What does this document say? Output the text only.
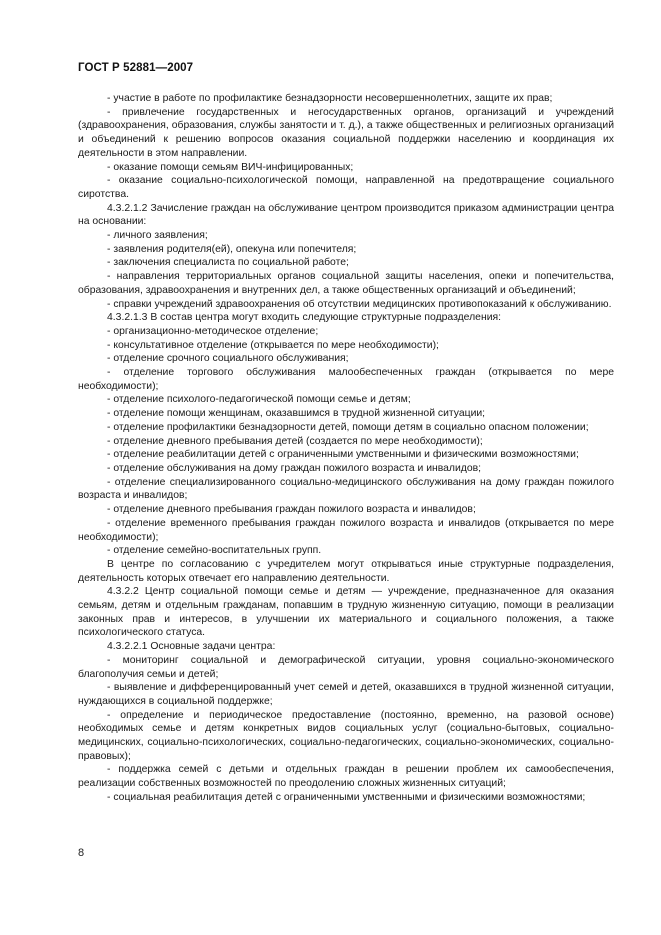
ГОСТ Р 52881—2007

- участие в работе по профилактике безнадзорности несовершеннолетних, защите их прав;

- привлечение государственных и негосударственных органов, организаций и учреждений (здравоохранения, образования, службы занятости и т. д.), а также общественных и религиозных организаций и объединений к решению вопросов оказания социальной поддержки населению и координация их деятельности в этом направлении.

- оказание помощи семьям ВИЧ-инфицированных;

- оказание социально-психологической помощи, направленной на предотвращение социального сиротства.

4.3.2.1.2 Зачисление граждан на обслуживание центром производится приказом администрации центра на основании:

- личного заявления;

- заявления родителя(ей), опекуна или попечителя;

- заключения специалиста по социальной работе;

- направления территориальных органов социальной защиты населения, опеки и попечительства, образования, здравоохранения и внутренних дел, а также общественных организаций и объединений;

- справки учреждений здравоохранения об отсутствии медицинских противопоказаний к обслуживанию.

4.3.2.1.3 В состав центра могут входить следующие структурные подразделения:

- организационно-методическое отделение;

- консультативное отделение (открывается по мере необходимости);

- отделение срочного социального обслуживания;

- отделение торгового обслуживания малообеспеченных граждан (открывается по мере необходимости);

- отделение психолого-педагогической помощи семье и детям;

- отделение помощи женщинам, оказавшимся в трудной жизненной ситуации;

- отделение профилактики безнадзорности детей, помощи детям в социально опасном положении;

- отделение дневного пребывания детей (создается по мере необходимости);

- отделение реабилитации детей с ограниченными умственными и физическими возможностями;

- отделение обслуживания на дому граждан пожилого возраста и инвалидов;

- отделение специализированного социально-медицинского обслуживания на дому граждан пожилого возраста и инвалидов;

- отделение дневного пребывания граждан пожилого возраста и инвалидов;

- отделение временного пребывания граждан пожилого возраста и инвалидов (открывается по мере необходимости);

- отделение семейно-воспитательных групп.

В центре по согласованию с учредителем могут открываться иные структурные подразделения, деятельность которых отвечает его направлению деятельности.

4.3.2.2 Центр социальной помощи семье и детям — учреждение, предназначенное для оказания семьям, детям и отдельным гражданам, попавшим в трудную жизненную ситуацию, помощи в реализации законных прав и интересов, в улучшении их материального и социального положения, а также психологического статуса.

4.3.2.2.1 Основные задачи центра:

- мониторинг социальной и демографической ситуации, уровня социально-экономического благополучия семьи и детей;

- выявление и дифференцированный учет семей и детей, оказавшихся в трудной жизненной ситуации, нуждающихся в социальной поддержке;

- определение и периодическое предоставление (постоянно, временно, на разовой основе) необходимых семье и детям конкретных видов социальных услуг (социально-бытовых, социально-медицинских, социально-психологических, социально-педагогических, социально-экономических, социально-правовых);

- поддержка семей с детьми и отдельных граждан в решении проблем их самообеспечения, реализации собственных возможностей по преодолению сложных жизненных ситуаций;

- социальная реабилитация детей с ограниченными умственными и физическими возможностями;

8
